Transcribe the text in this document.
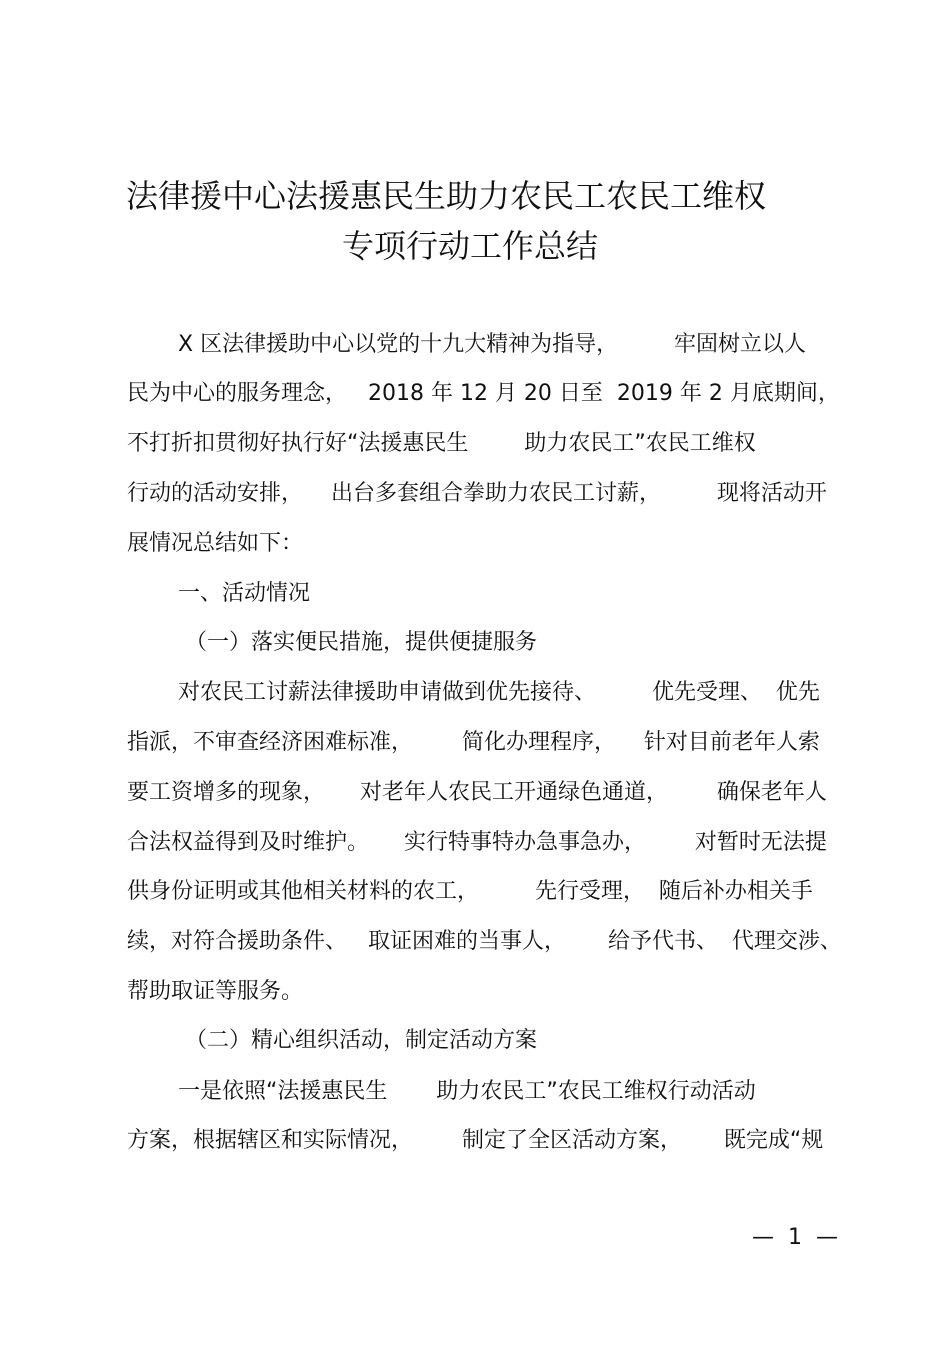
法律援中心法援惠民生助力农民工农民工维权
专项行动工作总结
X 区法律援助中心以党的十九大精神为指导，        牢固树立以人
民为中心的服务理念，   2018 年 12 月 20 日至  2019 年 2 月底期间，
不打折扣贯彻好执行好“法援惠民生        助力农民工”农民工维权
行动的活动安排，    出台多套组合拳助力农民工讨薪，        现将活动开
展情况总结如下：
一、活动情况
（一）落实便民措施，提供便捷服务
对农民工讨薪法律援助申请做到优先接待、        优先受理、  优先
指派，不审查经济困难标准，       简化办理程序，    针对目前老年人索
要工资增多的现象，     对老年人农民工开通绿色通道，       确保老年人
合法权益得到及时维护。     实行特事特办急事急办，       对暂时无法提
供身份证明或其他相关材料的农工，        先行受理，  随后补办相关手
续，对符合援助条件、   取证困难的当事人，      给予代书、  代理交涉、
帮助取证等服务。
（二）精心组织活动，制定活动方案
一是依照“法援惠民生       助力农民工”农民工维权行动活动
方案，根据辖区和实际情况，       制定了全区活动方案，      既完成“规
—  1  —
